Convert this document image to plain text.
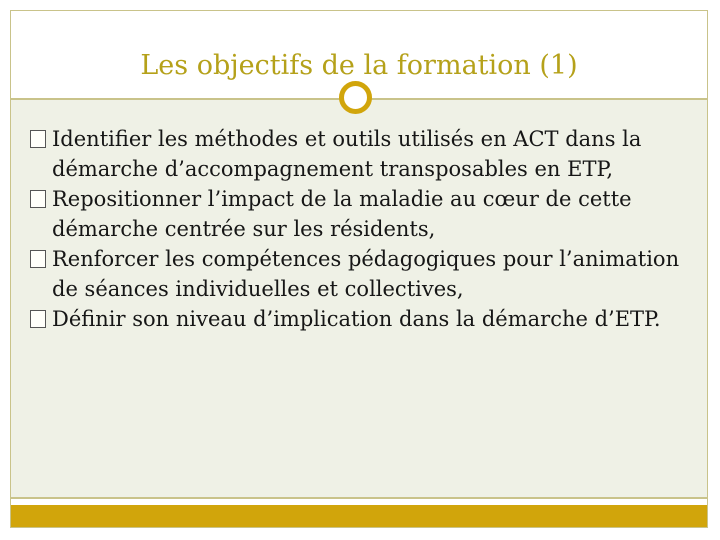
Les objectifs de la formation (1)
Identifier les méthodes et outils utilisés en ACT dans la démarche d’accompagnement transposables en ETP,
Repositionner l’impact de la maladie au cœur de cette démarche centrée sur les résidents,
Renforcer les compétences pédagogiques pour l’animation de séances individuelles et collectives,
Définir son niveau d’implication dans la démarche d’ETP.
